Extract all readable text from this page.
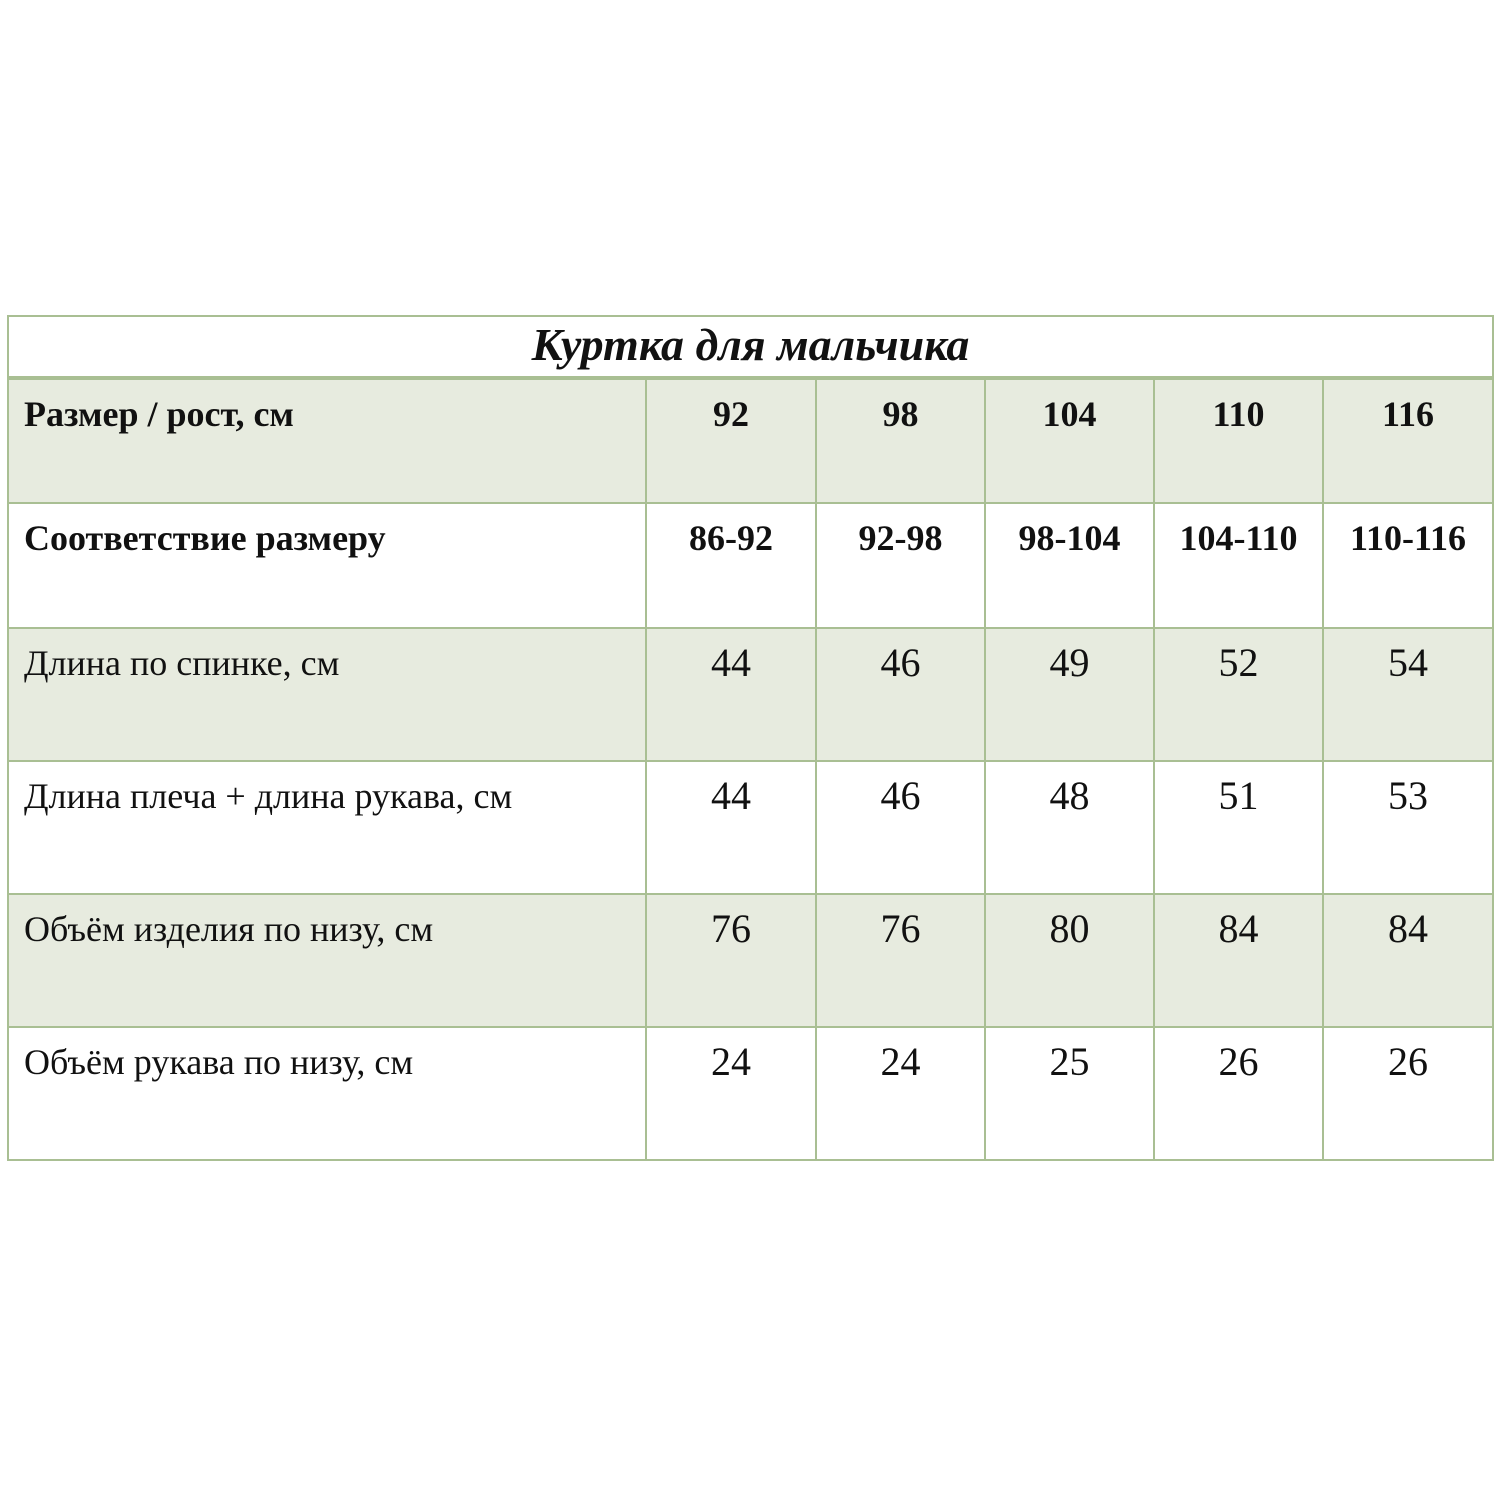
Куртка для мальчика					
Размер / рост, см	92	98	104	110	116
Соответствие размеру	86-92	92-98	98-104	104-110	110-116
Длина по спинке, см	44	46	49	52	54
Длина плеча + длина рукава, см	44	46	48	51	53
Объём изделия по низу, см	76	76	80	84	84
Объём рукава по низу, см	24	24	25	26	26
